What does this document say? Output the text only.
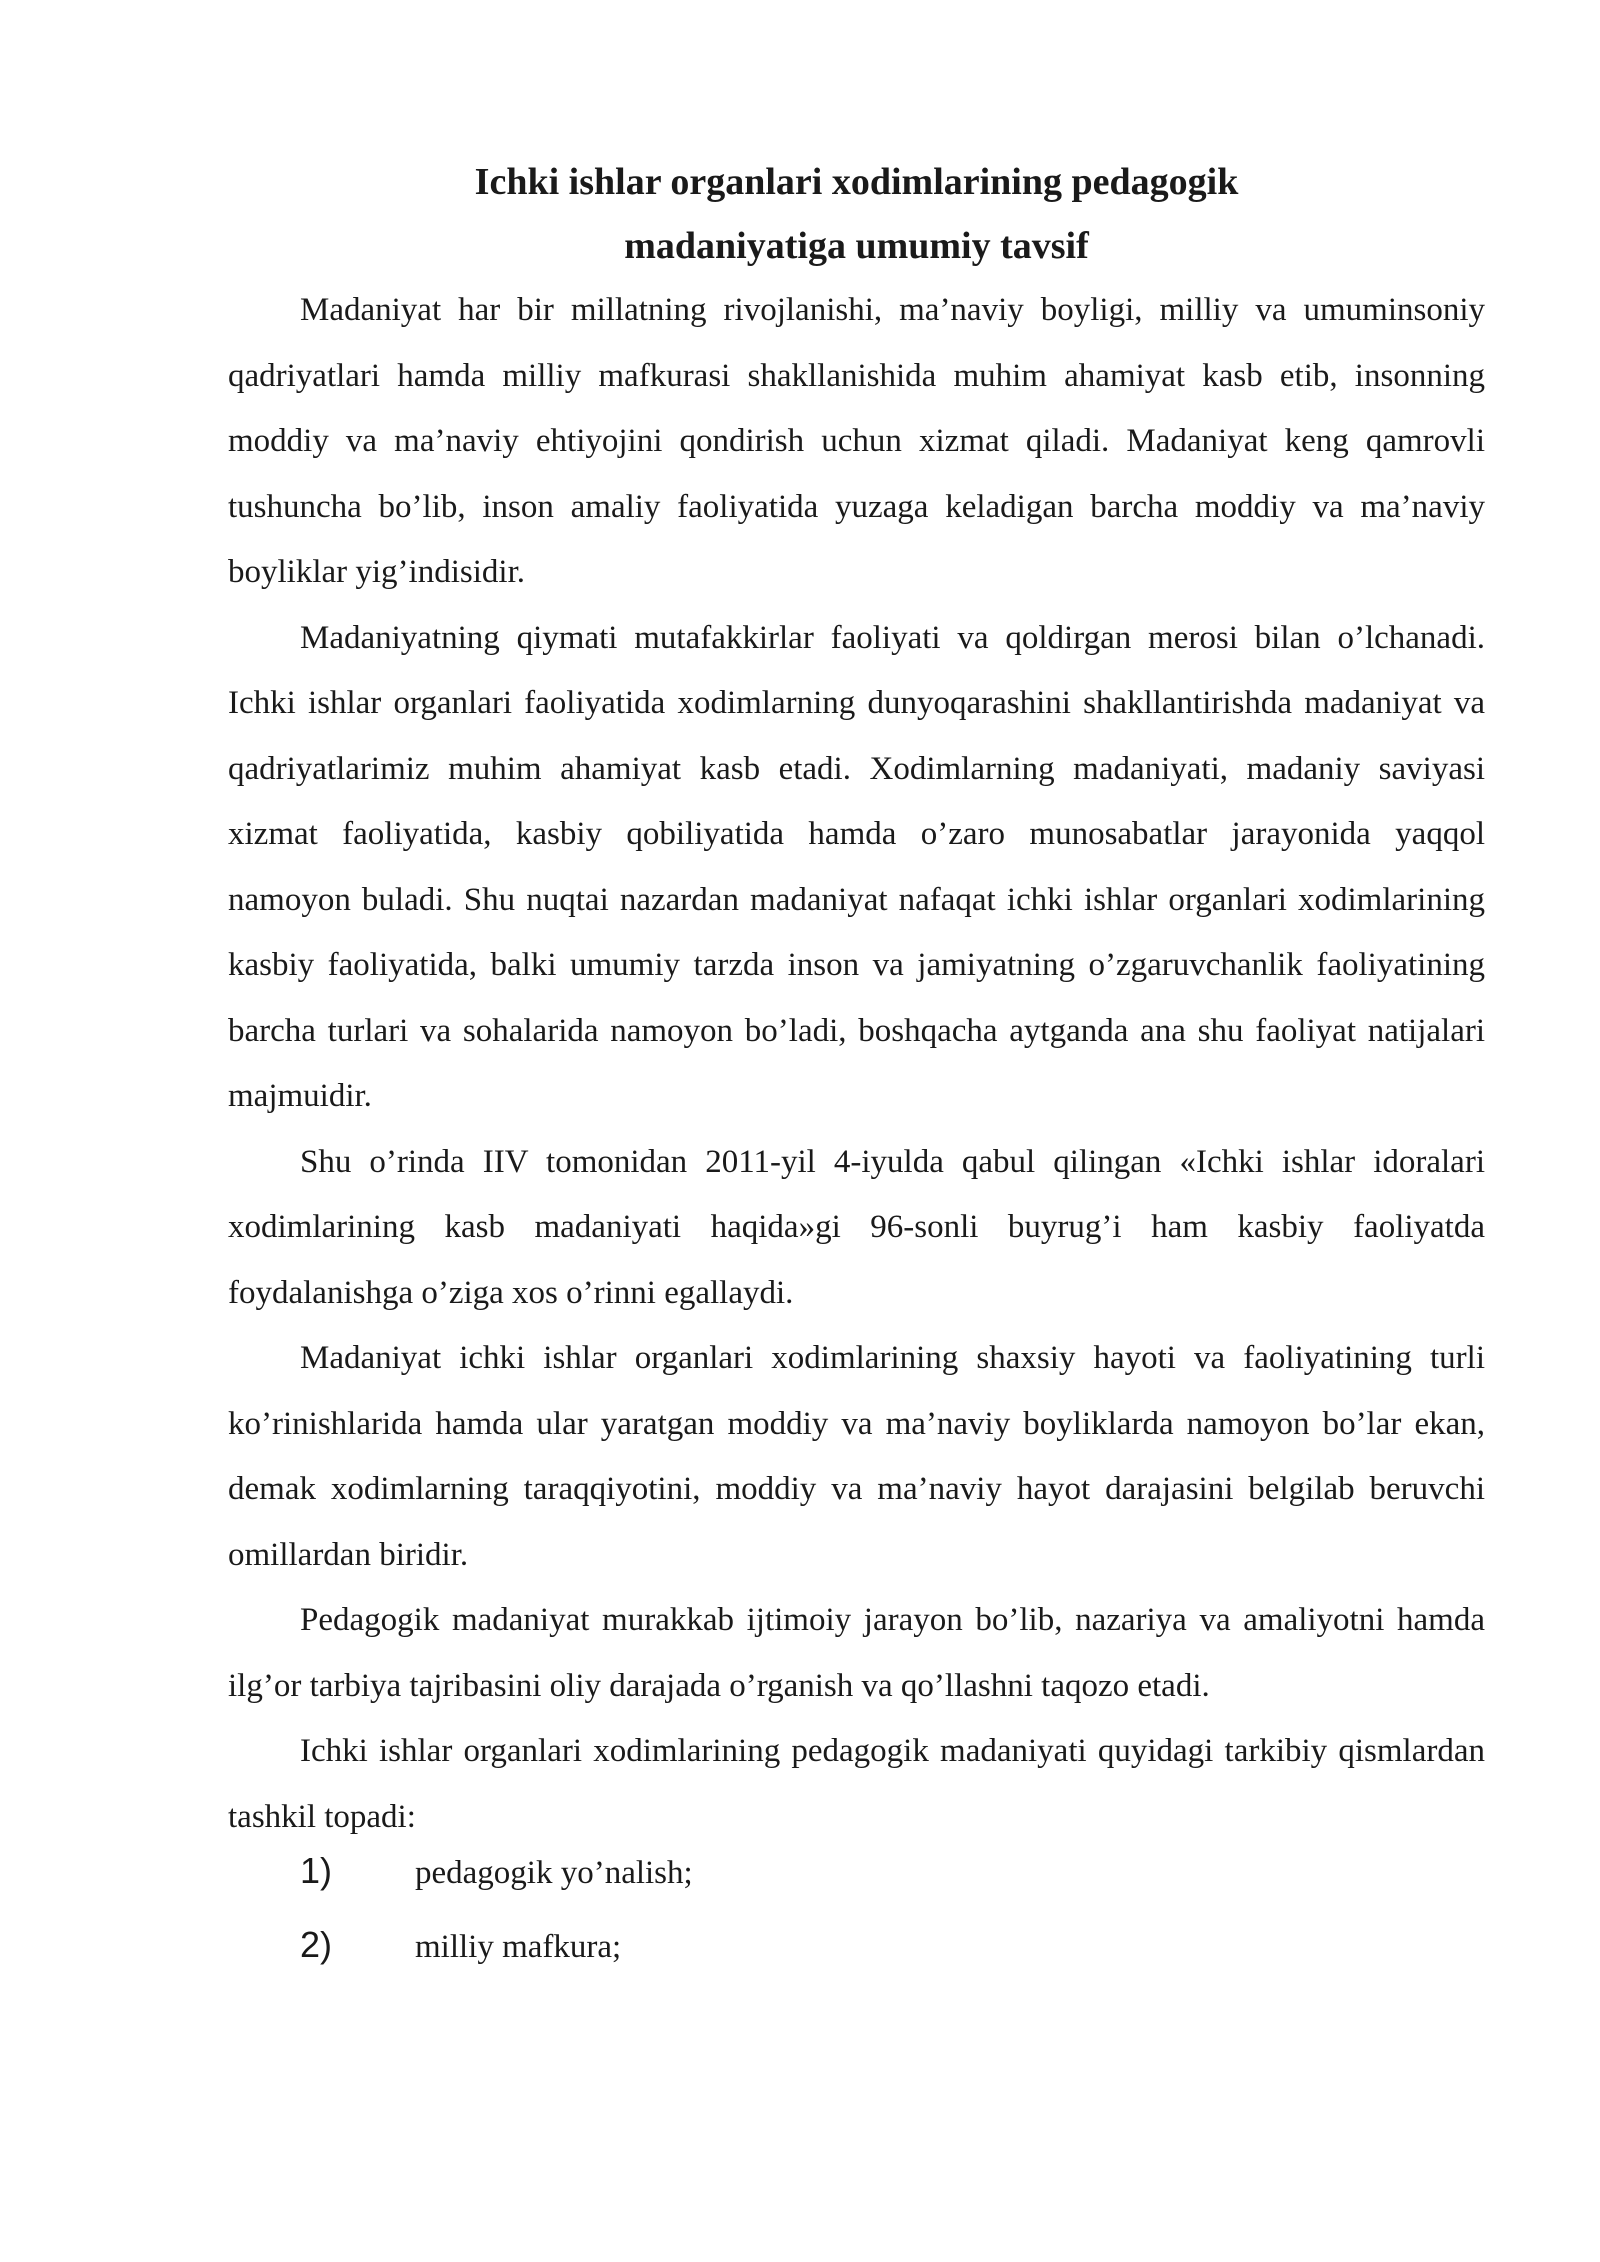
Ichki ishlar organlari xodimlarining pedagogik
madaniyatiga umumiy tavsif

Madaniyat har bir millatning rivojlanishi, ma’naviy boyligi, milliy va umuminsoniy qadriyatlari hamda milliy mafkurasi shakllanishida muhim ahamiyat kasb etib, insonning moddiy va ma’naviy ehtiyojini qondirish uchun xizmat qiladi. Madaniyat keng qamrovli tushuncha bo’lib, inson amaliy faoliyatida yuzaga keladigan barcha moddiy va ma’naviy boyliklar yig’indisidir.

Madaniyatning qiymati mutafakkirlar faoliyati va qoldirgan merosi bilan o’lchanadi. Ichki ishlar organlari faoliyatida xodimlarning dunyoqarashini shakllantirishda madaniyat va qadriyatlarimiz muhim ahamiyat kasb etadi. Xodimlarning madaniyati, madaniy saviyasi xizmat faoliyatida, kasbiy qobiliyatida hamda o’zaro munosabatlar jarayonida yaqqol namoyon buladi. Shu nuqtai nazardan madaniyat nafaqat ichki ishlar organlari xodimlarining kasbiy faoliyatida, balki umumiy tarzda inson va jamiyatning o’zgaruvchanlik faoliyatining barcha turlari va sohalarida namoyon bo’ladi, boshqacha aytganda ana shu faoliyat natijalari majmuidir.

Shu o’rinda IIV tomonidan 2011-yil 4-iyulda qabul qilingan «Ichki ishlar idoralari xodimlarining kasb madaniyati haqida»gi 96-sonli buyrug’i ham kasbiy faoliyatda foydalanishga o’ziga xos o’rinni egallaydi.

Madaniyat ichki ishlar organlari xodimlarining shaxsiy hayoti va faoliyatining turli ko’rinishlarida hamda ular yaratgan moddiy va ma’naviy boyliklarda namoyon bo’lar ekan, demak xodimlarning taraqqiyotini, moddiy va ma’naviy hayot darajasini belgilab beruvchi omillardan biridir.

Pedagogik madaniyat murakkab ijtimoiy jarayon bo’lib, nazariya va amaliyotni hamda ilg’or tarbiya tajribasini oliy darajada o’rganish va qo’llashni taqozo etadi.

Ichki ishlar organlari xodimlarining pedagogik madaniyati quyidagi tarkibiy qismlardan tashkil topadi:

1)	pedagogik yo’nalish;
2)	milliy mafkura;
